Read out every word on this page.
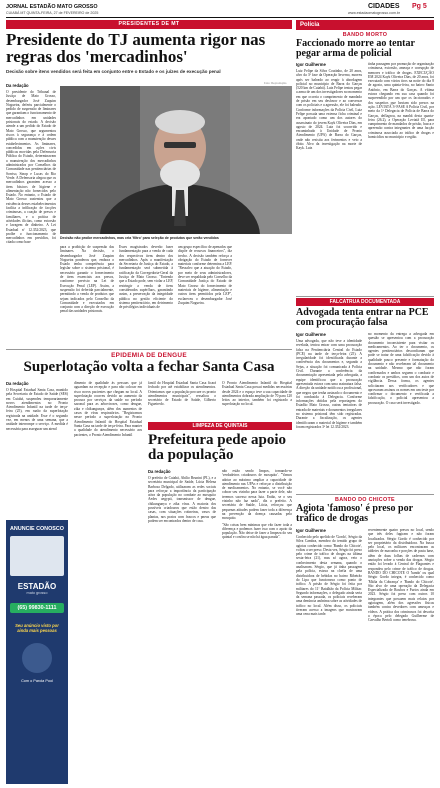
JORNAL ESTADÃO MATO GROSSO
CUIABÁ MT QUINTA-FEIRA, 27 de FEVEREIRO de 2025
CIDADES Pg 5
www.estadaomatogrosso.com.br
PRESIDENTES DE MT
Presidente do TJ aumenta rigor nas regras dos 'mercadinhos'
Decisão sobre itens vendidos será feita em conjunto entre o Estado e os juízes de execução penal
Foto: Reprodução
Da redação
O presidente do Tribunal de Justiça de Mato Grosso, desembargador José Zuquim Nogueira, deferiu parcialmente o pedido de suspensão de liminares que garantiam o funcionamento de mercadinhos em unidades prisionais do estado. A decisão atende a um pedido do Estado de Mato Grosso, que argumentou riscos à segurança e à ordem pública com a manutenção desses estabelecimentos. As liminares, concedidas em ações civis públicas movidas pela Defensoria Pública do Estado, determinavam a manutenção dos mercadinhos administrados por Conselhos da Comunidade nas penitenciárias de Sorriso, Sinop e Lucas do Rio Verde. A Defensoria alegou que os mercadinhos garantem acesso a itens básicos de higiene e alimentação não fornecidos pelo Estado. No entanto, o Estado de Mato Grosso sustentou que a existência desses estabelecimentos facilita a infiltração de facções criminosas, a coação de presos e familiares, e a prática de atividades ilícitas, como extorsão e lavagem de dinheiro. A Lei Estadual nº 12.352/2023, que proíbe o funcionamento de mercadinhos em presídios, foi citada como base
Decisão não proíbe mercadinhos, mas cria 'filtro' para seleção de produtos que serão vendidos
para a proibição de suspensão das liminares. Na decisão, o desembargador José Zuquim Nogueira ponderou que, embora o Estado tenha competência para legislar sobre o sistema prisional, é necessário garantir o fornecimento de itens essenciais aos presos, conforme previsto na Lei de Execução Penal (LEP). Assim, a suspensão foi deferida parcialmente, permitindo a venda de produtos que sejam indicados pelo Conselho da Comunidade e executados em conjunto com a direção de execução penal das unidades prisionais.
Esses magistrados deverão fazer fundamentação para a venda de cada dos respectivos itens dentro dos mercadinhos. Após a manifestação da Secretaria de Justiça do Estado, a fundamentação será submetida à ratificação da Corregedoria-Geral da Justiça de Mato Grosso. "Entendo que a Estado pode, sem violar a LEP, restringir a venda de itens considerados supérfluos, garantindo assim, a preservação da integridade pública no gestão eficiente do sistema penitenciário, em detrimento de privilégios individuais de
um grupo específico de apenados que dispõe de recursos financeiros", diz trecho. A decisão também reforça a obrigação do Estado de fornecer materiais conforme determina a LEP. "Ressalvo que a atuação do Estado, por meio de seus administradores, deve ser respaldada pelo Conselho da Comunidade Justiça do Estado de Mato Grosso do fornecimento de materiais de higiene, alimentação e outros itens permitidos pela LEP", esclareceu o desembargador José Zuquim Nogueira.
EPIDEMIA DE DENGUE
Superlotação volta a fechar Santa Casa
Da redação
O Hospital Estadual Santa Casa, mantido pela Secretaria de Estado de Saúde (SES) em Cuiabá, suspendeu temporariamente novos atendimentos no Pronto Atendimento Infantil na tarde de terça-feira (25), em razão da superlotação registrada na unidade. Esse é o segundo vez, em menos de uma semana, que a unidade interrompe o serviço. A medida é necessária para assegurar um atend
dimento de qualidade às pessoas que já aguardam na recepção e para não colocar em risco novos pacientes que chegam no local. A superlotação ocorreu devido ao aumento da procura por serviços da saúde no período sazonal para as arboviroses, como dengue, zika e chikungunya, além dos aumentos de casos de vírus respiratórios. "Registramos nesse período a superlotação no Pronto Atendimento Infantil do Hospital Estadual Santa Casa na tarde de terça-feira. Para manter a qualidade do atendimento necessário aos pacientes, o Pronto Atendimento Infantil
fantil do Hospital Estadual Santa Casa ficará fechado por até estabilizar os atendimentos. Orientamos que a população procure os pronto atendimentos municipais", ressaltou o secretário de Estado de Saúde, Gilberto Figueiredo.
O Pronto Atendimento Infantil do Hospital Estadual Santa Casa possui medidas necessárias desde 2024 e o espaço teve a sua capacidade de atendimentos dobrada ampliação de 70 para 120 leitos ao interior, também foi registrado a superlotação no local.
LIMPEZA DE QUINTAIS
Prefeitura pede apoio da população
Da redação
O prefeito de Cuiabá, Abilio Brunini (PL), e a secretária municipal de Saúde, Lúcia Helena Barbosa Delgado, utilizaram as redes sociais para reforçar a importância da participação ativa da população no combate ao mosquito Aedes aegypti, transmissor de dengue, chikungunya e zika vírus. A maioria dos possíveis criadouros que estão dentro das casas, com situações rotineiras, vasos de plantas, nos pratos com frascos e pneus que podem ser encontrados dentro de casa.
não estão sendo limpos, tornando-se 'verdadeiros criadouros de mosquito'. "Vamos adotar ao máximo ampliar a capacidade de atendimento nas UPAs e reforçar a distribuição de medicamentos. No entanto, se você não cobrar seu vizinho para fazer a parte dele, não teremos sucesso nessa luta. Então, se o seu vizinho não faz nada", diz o prefeito. A secretária de Saúde, Lúcia, reforçou que pequenas atitudes podem fazer toda a diferença na prevenção da doença causadas pelo mosquito.
"São coisas bem mínimas que vão fazer toda a diferença e podemos fazer isso com o apoio da população. Não deixe de fazer a limpeza do seu quintal e confira se não há água parada".
ANUNCIE CONOSCO
ESTADÃO
mato grosso
(65) 99830-1111
Seu anúncio visto por ainda mais pessoas
Com o Parola Pool
Polícia
BANDO MORTO
Faccionado morre ao tentar pegar arma de policial
Igor Guilherme
Luiz Felipe da Silva Coutinho, de 20 anos, alvo da 3ª fase da Operação Inverno, morreu após ser baleado ao reagir à abordagem policial no município de Barra do Garças (520 km de Cuiabá). Luiz Felipe tentou pegar a arma de um dos investigadores no momento em que ocorria o cumprimento de mandado de prisão em seu desfavor e ao conversar com os policiais e a agressão, ele foi baleado. Conforme informações da Polícia Civil, Luiz Felipe possuía uma extensa ficha criminal e era apontado como um dos autores do assassinato do jovem Kayk Oliveira Dias, em agosto de 2024. Luiz foi socorrido e encaminhado à Unidade de Pronto Atendimento (UPA) de Barra do Garças, onde não resistiu aos ferimentos e veio a óbito. Alvo da investigação na morte de Kayk. Luiz
tinha passagem por promoção de organização criminosa, extorsão, ameaça e corrupção de menores e tráfico de drogas. EXECUÇÃO EM 2024 Kayk Oliveira Dias, de 20 anos, foi executado com vários tiros na noite do dia 8 de agosto, uma quinta-feira, no bairro Santo Antônio, em Barra do Garças. A vítima estava chegando em sua casa quando foi surpreendido por um que os faccionados e dos suspeitos que haviam sido presos na ação. LEVIATÃ 3ª FASE A Polícia Civil, por meio da 1ª Delegacia de Polícia de Barra do Garças, deflagrou, na manhã desta quarta-feira (26.2), a Operação Leviatã III, para cumprimento de mandados de prisão, busca e apreensão contra integrantes de uma facção criminosa associada ao tráfico de drogas e homicídios no município e região.
FALCATRUA DOCUMENTADA
Advogada tenta entrar na PCE com procuração falsa
Igor Guilherme
Uma advogada, que não teve a identidade revelada, tentou entrar com uma procuração falsa na Penitenciária Central do Estado (PCE) na tarde de terça-feira (25). A irregularidade foi identificada durante a conferência dos documentos e, segundo a Sejus, a situação foi comunicada à Polícia Civil. Durante a conferência da documentação apresentada pela advogada, a equipe identificou que a procuração apresentada estava com uma assinatura falsa. A direção da unidade notificou a profissional, que negou que tenha assinado o documento e foi conduzida à Delegacia. Conforme informações obtidas pela reportagem do Estadão Mato Grosso, outras tentativas de entrada de materiais e documentos irregulares no sistema prisional têm sido registradas. Durante a fiscalização, os agentes identificaram o material de higiene e também foram registrados 3ª lei 12.352/2023.
no momento da entrega a advogada em questão se apresentou com a procuração documento inconsistente para visitar os medicamentos. Ao ter o documento, os agentes penitenciários desconfiaram que pode se tratar de uma falsificação devido à qualidade pouco presente e formatação do documento e não receberam tal documento na unidade. Mesmo que não foram confirmados e ambos seguem o conduzir e conduzir os presídios, com um dos autos de vigilância. Dessa forma, os agentes solicitaram aos verificadores e que aprovaram assinou os nomes em um teste por confirmar o documento e verificada a falsificação, o policial apresentou a procuração. O caso será investigado.
BANDO DO CHICOTE
Agiota 'famoso' é preso por tráfico de drogas
Igor Guilherme
Conhecido pelo apelido de 'Gordo', Sérgio da Silva Cambra, membro do temido grupo de agiotas conhecido como 'Bando do Chicote', voltou a ser preso. Desta vez, Sérgio foi preso pelo crime de tráfico de drogas na última sexta-feira (21), mas só agora, veio o conhecimento desta semana, quando o analisaram. Sérgio, que já tinha passagem pela polícia, estava na chefia de uma distribuidora de bebidas no bairro Ribeirão do Lipa que funcionava como ponto de tráfico. A prisão de Sérgio foi feita por militares do 11º Batalhão da Polícia Militar. Segundo informações, o delegado ainda seria da semana passada, os policiais receberam uma denúncia anônima sobre as atividades de tráfico no local. Além disso, os policiais tiveram acesso a imagens que mostravam uma cena mais tarde.
recentemente quatro presos no local, sendo que três deles fugiram e não foram localizados. Sérgio Gordo é conhecido por ser proprietário da distribuidora. Na busca pelo local, os militares encontraram as tabletes de maconha e porções de pasta base, além de duas folhas de cadernos com anotações sobre a venda das drogas. Sérgio então foi levado à Central de Flagrantes e respondeu pelo crime de tráfico de drogas. BANDO DO CHICOTE O 'bando' ou qual Sérgio Gordo integra, é conhecido como 'Máfia da Cobrança' e 'Bando do Chicote'. São alvo de uma operação da Delegacia Especializada de Roubos e Furtos ainda em 2023. Sérgio foi preso com outros 10 integrantes que possuem mais relatos por agiotagem, além dos agressões físicas também contra devedores com ameaças e vídeos. A prática dos criminosos foi descrita a época pelo delegado Guilherme de Carvalho Bertoli como tenebrosa.
